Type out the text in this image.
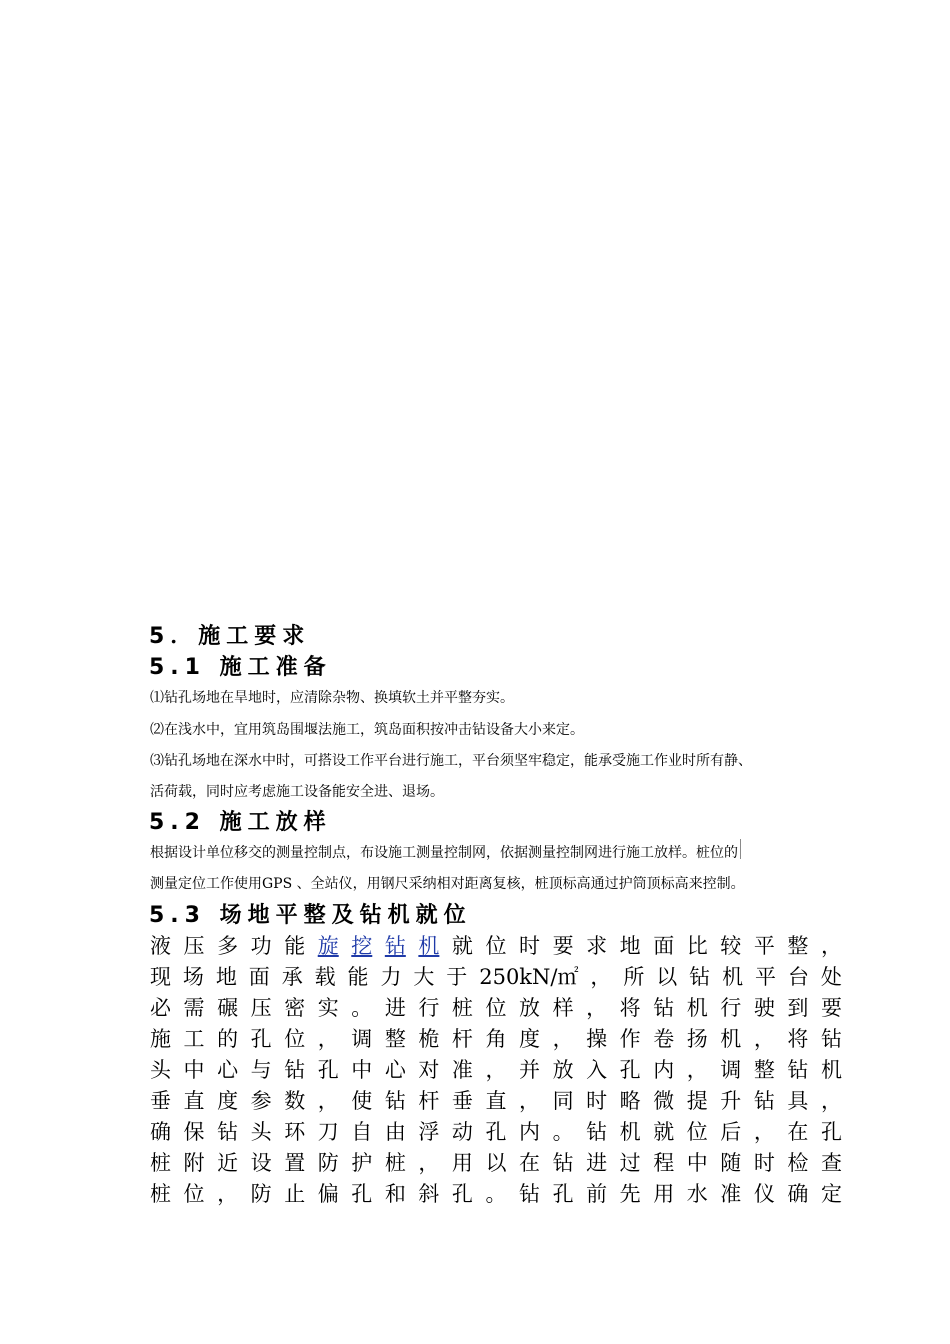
5．施工要求
5.1 施工准备
⑴钻孔场地在旱地时，应清除杂物、换填软土并平整夯实。
⑵在浅水中，宜用筑岛围堰法施工，筑岛面积按冲击钻设备大小来定。
⑶钻孔场地在深水中时，可搭设工作平台进行施工，平台须坚牢稳定，能承受施工作业时所有静、
活荷载，同时应考虑施工设备能安全进、退场。
5.2 施工放样
根据设计单位移交的测量控制点，布设施工测量控制网，依据测量控制网进行施工放样。桩位的
测量定位工作使用GPS 、全站仪，用钢尺采纳相对距离复核，桩顶标高通过护筒顶标高来控制。
5.3 场地平整及钻机就位
液 压 多 功 能 旋 挖 钻 机 就 位 时 要 求 地 面 比 较 平 整 ，
现 场 地 面 承 载 能 力 大 于 250kN/㎡ ， 所 以 钻 机 平 台 处
必 需 碾 压 密 实 。 进 行 桩 位 放 样 ， 将 钻 机 行 驶 到 要
施 工 的 孔 位 ， 调 整 桅 杆 角 度 ， 操 作 卷 扬 机 ， 将 钻
头 中 心 与 钻 孔 中 心 对 准 ， 并 放 入 孔 内 ， 调 整 钻 机
垂 直 度 参 数 ， 使 钻 杆 垂 直 ， 同 时 略 微 提 升 钻 具 ，
确 保 钻 头 环 刀 自 由 浮 动 孔 内 。 钻 机 就 位 后 ， 在 孔
桩 附 近 设 置 防 护 桩 ， 用 以 在 钻 进 过 程 中 随 时 检 查
桩 位 ， 防 止 偏 孔 和 斜 孔 。 钻 孔 前 先 用 水 准 仪 确 定
